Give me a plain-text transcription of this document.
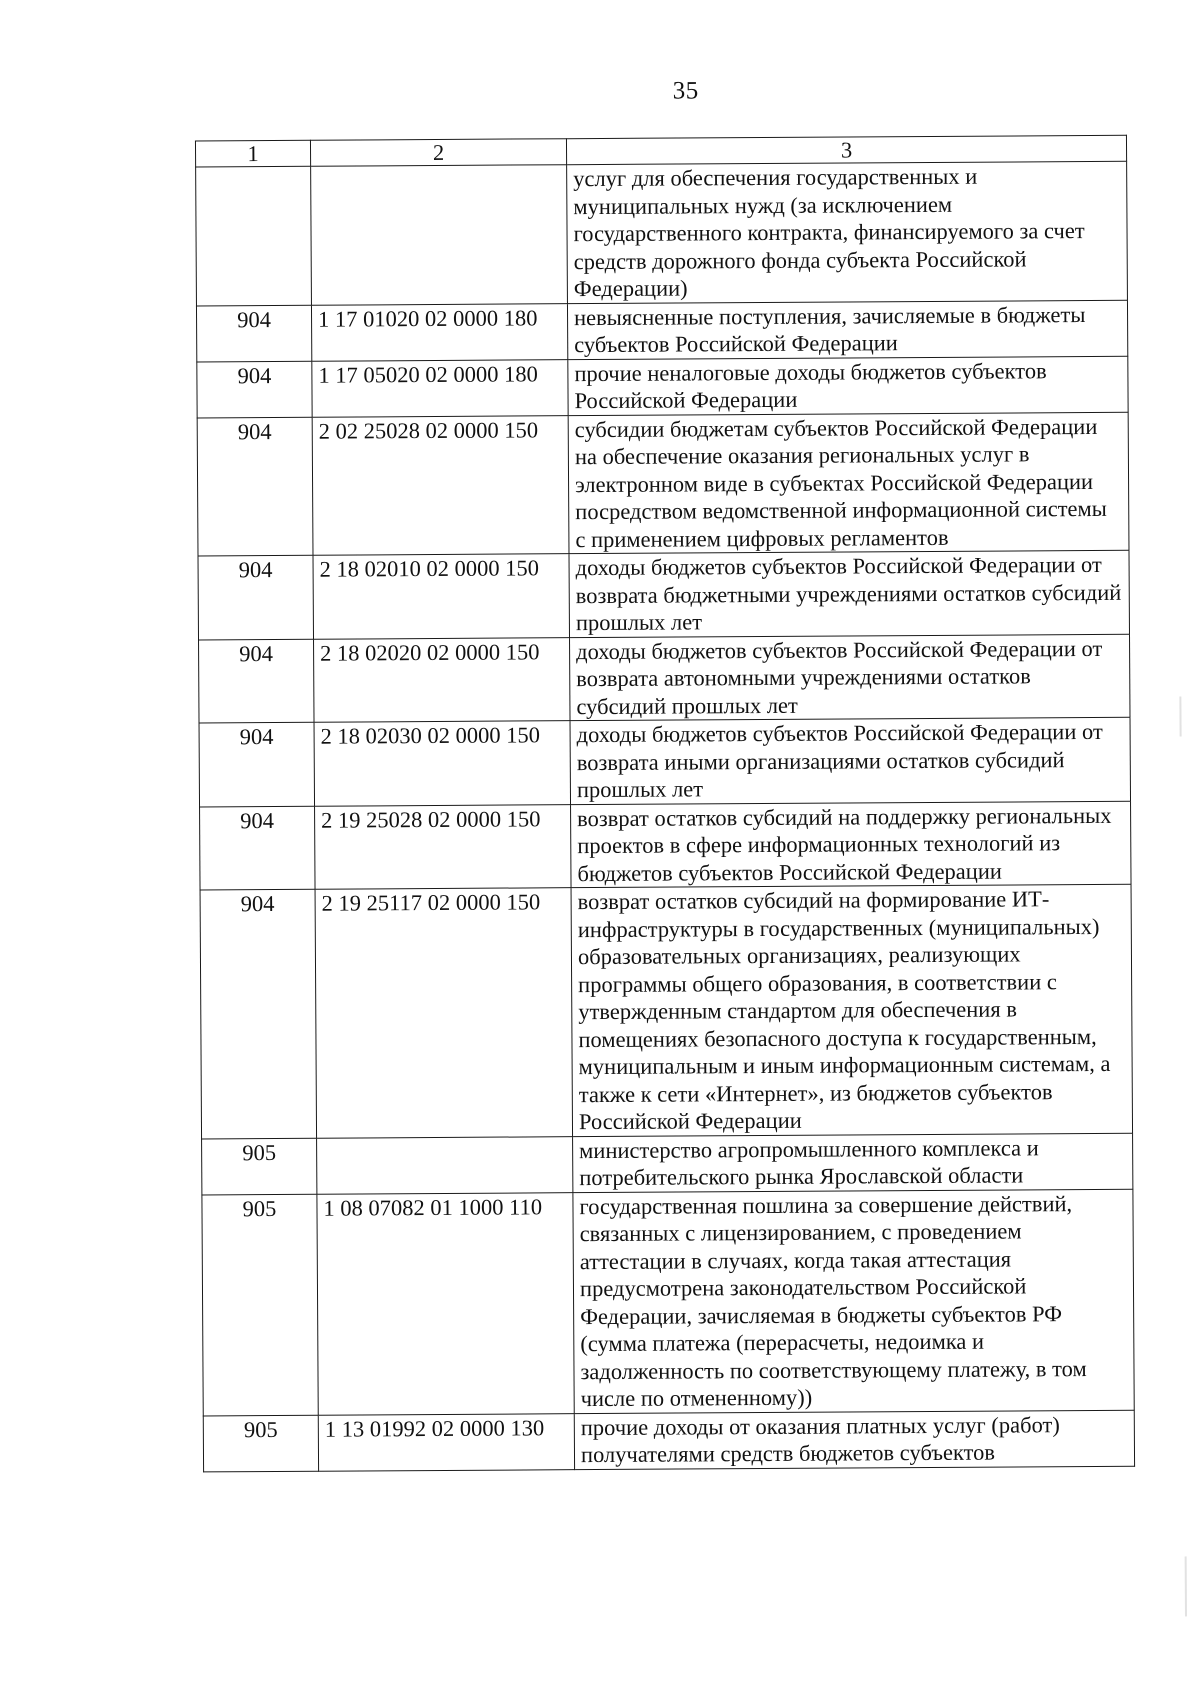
35
1	2	3
		услуг для обеспечения государственных и муниципальных нужд (за исключением государственного контракта, финансируемого за счет средств дорожного фонда субъекта Российской Федерации)
904	1 17 01020 02 0000 180	невыясненные поступления, зачисляемые в бюджеты субъектов Российской Федерации
904	1 17 05020 02 0000 180	прочие неналоговые доходы бюджетов субъектов Российской Федерации
904	2 02 25028 02 0000 150	субсидии бюджетам субъектов Российской Федерации на обеспечение оказания региональных услуг в электронном виде в субъектах Российской Федерации посредством ведомственной информационной системы с применением цифровых регламентов
904	2 18 02010 02 0000 150	доходы бюджетов субъектов Российской Федерации от возврата бюджетными учреждениями остатков субсидий прошлых лет
904	2 18 02020 02 0000 150	доходы бюджетов субъектов Российской Федерации от возврата автономными учреждениями остатков субсидий прошлых лет
904	2 18 02030 02 0000 150	доходы бюджетов субъектов Российской Федерации от возврата иными организациями остатков субсидий прошлых лет
904	2 19 25028 02 0000 150	возврат остатков субсидий на поддержку региональных проектов в сфере информационных технологий из бюджетов субъектов Российской Федерации
904	2 19 25117 02 0000 150	возврат остатков субсидий на формирование ИТ-инфраструктуры в государственных (муниципальных) образовательных организациях, реализующих программы общего образования, в соответствии с утвержденным стандартом для обеспечения в помещениях безопасного доступа к государственным, муниципальным и иным информационным системам, а также к сети «Интернет», из бюджетов субъектов Российской Федерации
905		министерство агропромышленного комплекса и потребительского рынка Ярославской области
905	1 08 07082 01 1000 110	государственная пошлина за совершение действий, связанных с лицензированием, с проведением аттестации в случаях, когда такая аттестация предусмотрена законодательством Российской Федерации, зачисляемая в бюджеты субъектов РФ (сумма платежа (перерасчеты, недоимка и задолженность по соответствующему платежу, в том числе по отмененному))
905	1 13 01992 02 0000 130	прочие доходы от оказания платных услуг (работ) получателями средств бюджетов субъектов
